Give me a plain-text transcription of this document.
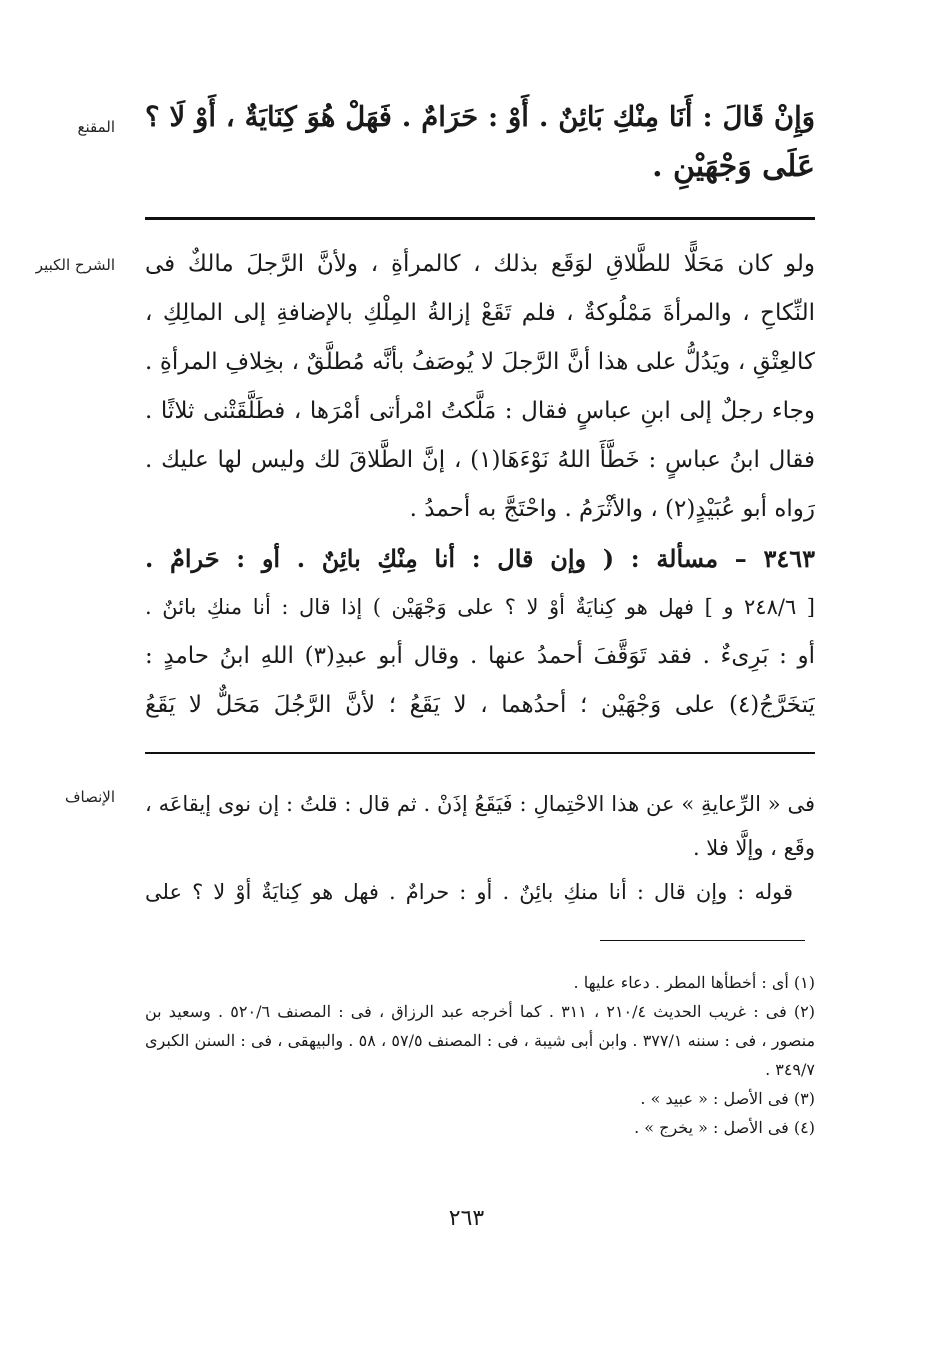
المقنع
الشرح الكبير
الإنصاف
وَإِنْ قَالَ : أَنَا مِنْكِ بَائِنٌ . أَوْ : حَرَامٌ . فَهَلْ هُوَ كِنَايَةٌ ، أَوْ لَا ؟
عَلَى وَجْهَيْنِ .
ولو كان مَحَلًّا للطَّلاقِ لوَقَع بذلك ، كالمرأةِ ، ولأنَّ الرَّجلَ مالكٌ فى
النِّكاحِ ، والمرأةَ مَمْلُوكةٌ ، فلم تَقَعْ إزالةُ المِلْكِ بالإضافةِ إلى المالِكِ ،
كالعِتْقِ ، ويَدُلُّ على هذا أنَّ الرَّجلَ لا يُوصَفُ بأنَّه مُطلَّقٌ ، بخِلافِ المرأةِ .
وجاء رجلٌ إلى ابنِ عباسٍ فقال : مَلَّكتُ امْرأتى أمْرَها ، فطَلَّقَتْنى ثلاثًا .
فقال ابنُ عباسٍ : خَطَّأَ اللهُ نَوْءَهَا(١) ، إنَّ الطَّلاقَ لك وليس لها عليك .
رَواه أبو عُبَيْدٍ(٢) ، والأثْرَمُ . واحْتَجَّ به أحمدُ .
٣٤٦٣ – مسألة : ( وإن قال : أنا مِنْكِ بائِنٌ . أو : حَرامٌ .
[ ٢٤٨/٦ و ] فهل هو كِنايَةٌ أوْ لا ؟ على وَجْهَيْن ) إذا قال : أنا منكِ بائنٌ .
أو : بَرِىءٌ . فقد تَوَقَّفَ أحمدُ عنها . وقال أبو عبدِ(٣) اللهِ ابنُ حامدٍ :
يَتخَرَّجُ(٤) على وَجْهَيْن ؛ أحدُهما ، لا يَقَعُ ؛ لأنَّ الرَّجُلَ مَحَلٌّ لا يَقَعُ
فى « الرِّعايةِ » عن هذا الاحْتِمالِ : فَيَقَعُ إذَنْ . ثم قال : قلتُ : إن نوى إيقاعَه ،
وقَع ، وإلَّا فلا .
قوله : وإن قال : أنا منكِ بائِنٌ . أو : حرامٌ . فهل هو كِنايَةٌ أوْ لا ؟ على
(١) أى : أخطأها المطر . دعاء عليها .
(٢) فى : غريب الحديث ٢١٠/٤ ، ٣١١ . كما أخرجه عبد الرزاق ، فى : المصنف ٥٢٠/٦ . وسعيد بن
منصور ، فى : سننه ٣٧٧/١ . وابن أبى شيبة ، فى : المصنف ٥٧/٥ ، ٥٨ . والبيهقى ، فى : السنن الكبرى
٣٤٩/٧ .
(٣) فى الأصل : « عبيد » .
(٤) فى الأصل : « يخرج » .
٢٦٣
